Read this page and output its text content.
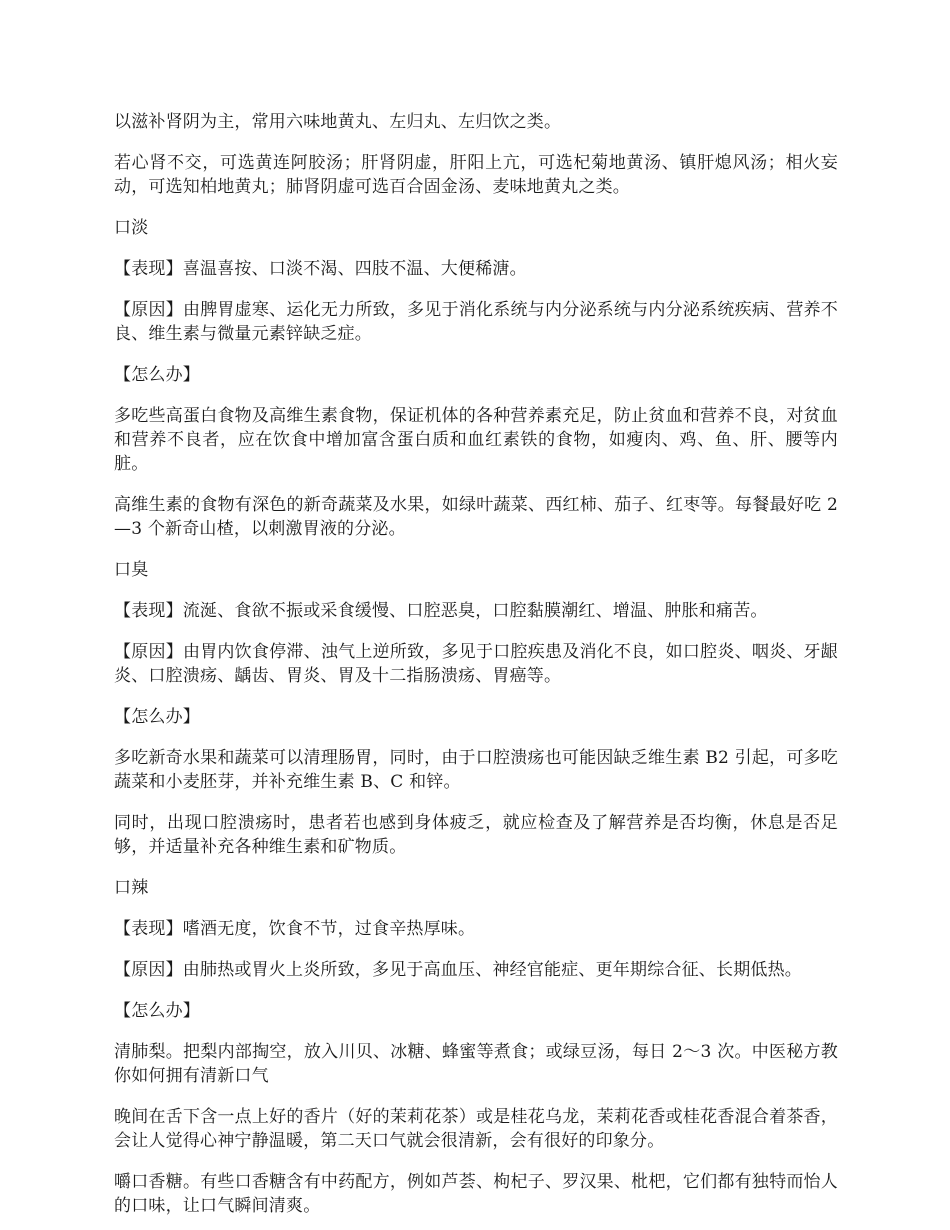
以滋补肾阴为主，常用六味地黄丸、左归丸、左归饮之类。

若心肾不交，可选黄连阿胶汤；肝肾阴虚，肝阳上亢，可选杞菊地黄汤、镇肝熄风汤；相火妄动，可选知柏地黄丸；肺肾阴虚可选百合固金汤、麦味地黄丸之类。

口淡

【表现】喜温喜按、口淡不渴、四肢不温、大便稀溏。

【原因】由脾胃虚寒、运化无力所致，多见于消化系统与内分泌系统与内分泌系统疾病、营养不良、维生素与微量元素锌缺乏症。

【怎么办】

多吃些高蛋白食物及高维生素食物，保证机体的各种营养素充足，防止贫血和营养不良，对贫血和营养不良者，应在饮食中增加富含蛋白质和血红素铁的食物，如瘦肉、鸡、鱼、肝、腰等内脏。

高维生素的食物有深色的新奇蔬菜及水果，如绿叶蔬菜、西红柿、茄子、红枣等。每餐最好吃 2—3 个新奇山楂，以刺激胃液的分泌。

口臭

【表现】流涎、食欲不振或采食缓慢、口腔恶臭，口腔黏膜潮红、增温、肿胀和痛苦。

【原因】由胃内饮食停滞、浊气上逆所致，多见于口腔疾患及消化不良，如口腔炎、咽炎、牙龈炎、口腔溃疡、龋齿、胃炎、胃及十二指肠溃疡、胃癌等。

【怎么办】

多吃新奇水果和蔬菜可以清理肠胃，同时，由于口腔溃疡也可能因缺乏维生素 B2 引起，可多吃蔬菜和小麦胚芽，并补充维生素 B、C 和锌。

同时，出现口腔溃疡时，患者若也感到身体疲乏，就应检查及了解营养是否均衡，休息是否足够，并适量补充各种维生素和矿物质。

口辣

【表现】嗜酒无度，饮食不节，过食辛热厚味。

【原因】由肺热或胃火上炎所致，多见于高血压、神经官能症、更年期综合征、长期低热。

【怎么办】

清肺梨。把梨内部掏空，放入川贝、冰糖、蜂蜜等煮食；或绿豆汤，每日 2～3 次。中医秘方教你如何拥有清新口气

晚间在舌下含一点上好的香片（好的茉莉花茶）或是桂花乌龙，茉莉花香或桂花香混合着茶香，会让人觉得心神宁静温暖，第二天口气就会很清新，会有很好的印象分。

嚼口香糖。有些口香糖含有中药配方，例如芦荟、枸杞子、罗汉果、枇杷，它们都有独特而怡人的口味，让口气瞬间清爽。
